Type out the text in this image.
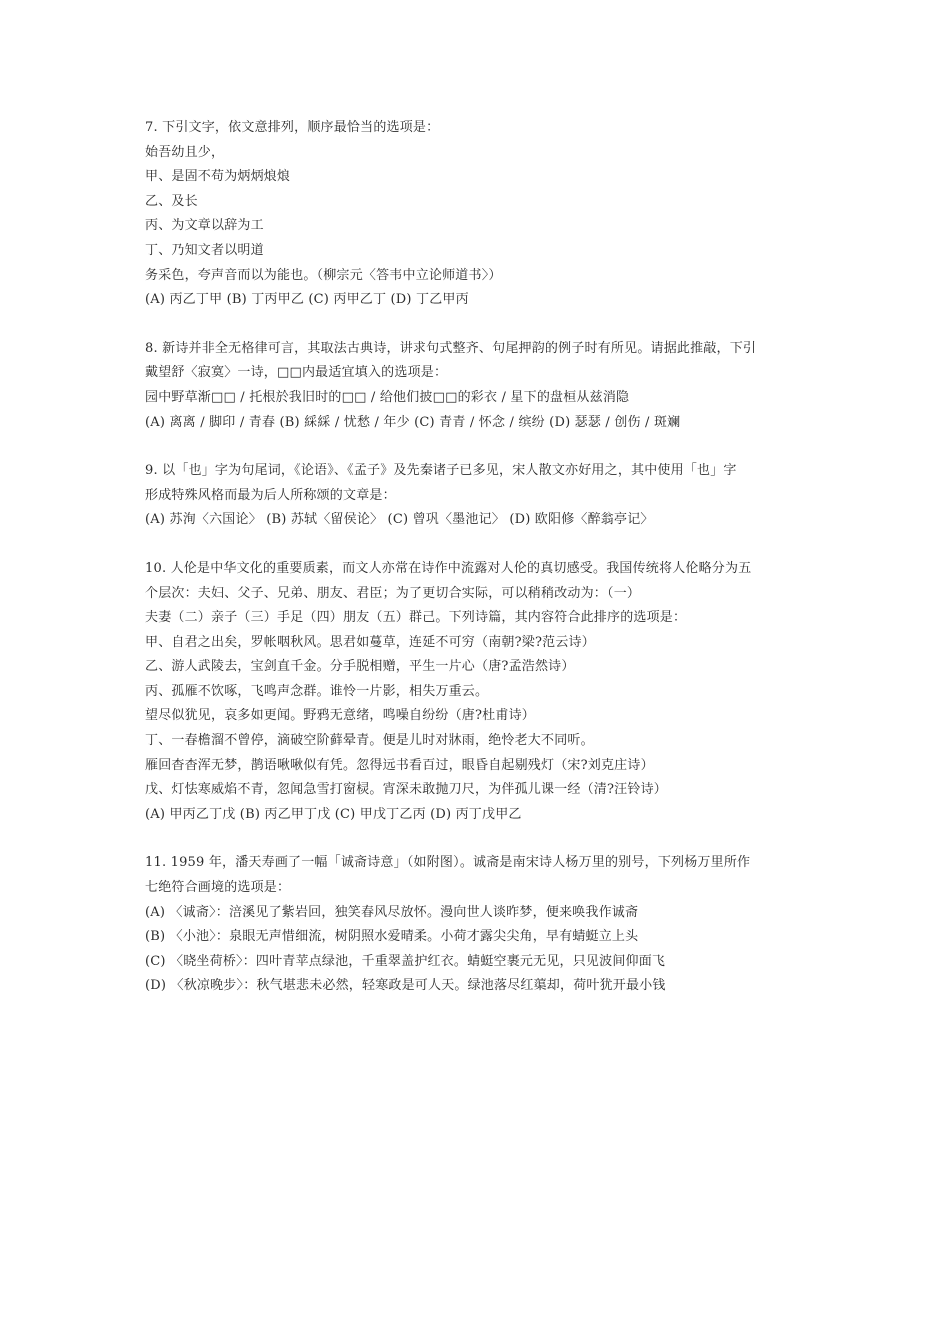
7. 下引文字，依文意排列，顺序最恰当的选项是：
始吾幼且少，
甲、是固不苟为炳炳烺烺
乙、及长
丙、为文章以辞为工
丁、乃知文者以明道
务采色，夸声音而以为能也。（柳宗元〈答韦中立论师道书〉）
(A) 丙乙丁甲 (B) 丁丙甲乙 (C) 丙甲乙丁 (D) 丁乙甲丙
8. 新诗并非全无格律可言，其取法古典诗，讲求句式整齐、句尾押韵的例子时有所见。请据此推敲，下引
戴望舒〈寂寞〉一诗，□□内最适宜填入的选项是：
园中野草渐□□ / 托根於我旧时的□□ / 给他们披□□的彩衣 / 星下的盘桓从兹消隐
(A) 离离 / 脚印 / 青春 (B) 綵綵 / 忧愁 / 年少 (C) 青青 / 怀念 / 缤纷 (D) 瑟瑟 / 创伤 / 斑斓
9. 以「也」字为句尾词，《论语》、《孟子》及先秦诸子已多见，宋人散文亦好用之，其中使用「也」字
形成特殊风格而最为后人所称颂的文章是：
(A) 苏洵〈六国论〉 (B) 苏轼〈留侯论〉 (C) 曾巩〈墨池记〉 (D) 欧阳修〈醉翁亭记〉
10. 人伦是中华文化的重要质素，而文人亦常在诗作中流露对人伦的真切感受。我国传统将人伦略分为五
个层次：夫妇、父子、兄弟、朋友、君臣；为了更切合实际，可以稍稍改动为：（一）
夫妻（二）亲子（三）手足（四）朋友（五）群己。下列诗篇，其内容符合此排序的选项是：
甲、自君之出矣，罗帐咽秋风。思君如蔓草，连延不可穷（南朝?梁?范云诗）
乙、游人武陵去，宝剑直千金。分手脱相赠，平生一片心（唐?孟浩然诗）
丙、孤雁不饮啄，飞鸣声念群。谁怜一片影，相失万重云。
望尽似犹见，哀多如更闻。野鸦无意绪，鸣噪自纷纷（唐?杜甫诗）
丁、一春檐溜不曾停，滴破空阶藓晕青。便是儿时对牀雨，绝怜老大不同听。
雁回杳杳浑无梦，鹊语啾啾似有凭。忽得远书看百过，眼昏自起剔残灯（宋?刘克庄诗）
戊、灯怯寒威焰不青，忽闻急雪打窗棂。宵深未敢抛刀尺，为伴孤儿课一经（清?汪铃诗）
(A) 甲丙乙丁戊 (B) 丙乙甲丁戊 (C) 甲戊丁乙丙 (D) 丙丁戊甲乙
11. 1959 年，潘天寿画了一幅「诚斋诗意」（如附图）。诚斋是南宋诗人杨万里的别号，下列杨万里所作
七绝符合画境的选项是：
(A) 〈诚斋〉：涪溪见了紫岩回，独笑春风尽放怀。漫向世人谈昨梦，便来唤我作诚斋
(B) 〈小池〉：泉眼无声惜细流，树阴照水爱晴柔。小荷才露尖尖角，早有蜻蜓立上头
(C) 〈晓坐荷桥〉：四叶青苹点绿池，千重翠盖护红衣。蜻蜓空裹元无见，只见波间仰面飞
(D) 〈秋凉晚步〉：秋气堪悲未必然，轻寒政是可人天。绿池落尽红蕖却，荷叶犹开最小钱
